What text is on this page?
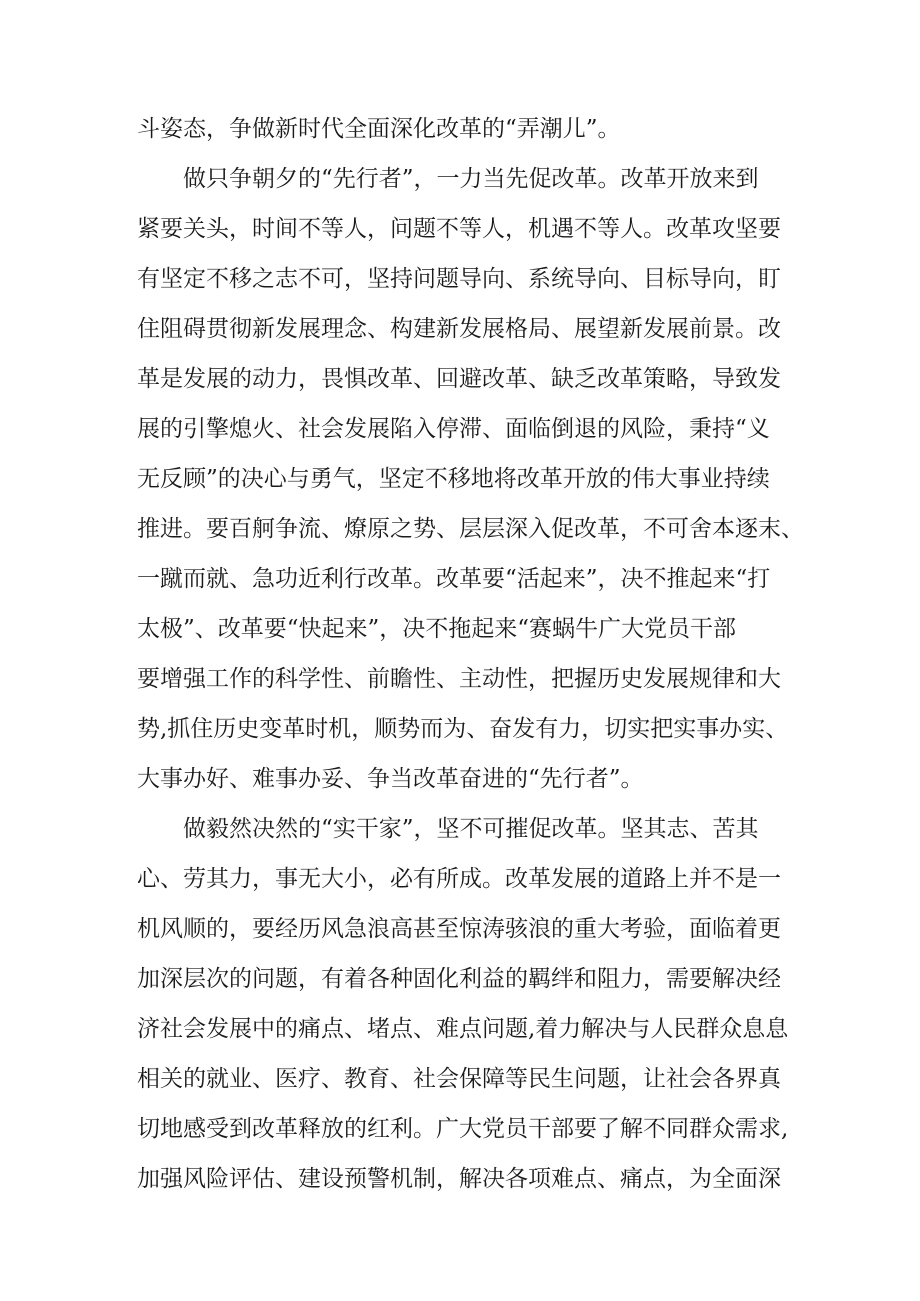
斗姿态，争做新时代全面深化改革的“弄潮儿”。
做只争朝夕的“先行者”，一力当先促改革。改革开放来到
紧要关头，时间不等人，问题不等人，机遇不等人。改革攻坚要
有坚定不移之志不可，坚持问题导向、系统导向、目标导向，盯
住阻碍贯彻新发展理念、构建新发展格局、展望新发展前景。改
革是发展的动力，畏惧改革、回避改革、缺乏改革策略，导致发
展的引擎熄火、社会发展陷入停滞、面临倒退的风险，秉持“义
无反顾”的决心与勇气，坚定不移地将改革开放的伟大事业持续
推进。要百舸争流、燎原之势、层层深入促改革，不可舍本逐末、
一蹴而就、急功近利行改革。改革要“活起来”，决不推起来“打
太极”、改革要“快起来”，决不拖起来“赛蜗牛广大党员干部
要增强工作的科学性、前瞻性、主动性，把握历史发展规律和大
势,抓住历史变革时机，顺势而为、奋发有力，切实把实事办实、
大事办好、难事办妥、争当改革奋进的“先行者”。
做毅然决然的“实干家”，坚不可摧促改革。坚其志、苦其
心、劳其力，事无大小，必有所成。改革发展的道路上并不是一
机风顺的，要经历风急浪高甚至惊涛骇浪的重大考验，面临着更
加深层次的问题，有着各种固化利益的羁绊和阻力，需要解决经
济社会发展中的痛点、堵点、难点问题,着力解决与人民群众息息
相关的就业、医疗、教育、社会保障等民生问题，让社会各界真
切地感受到改革释放的红利。广大党员干部要了解不同群众需求,
加强风险评估、建设预警机制，解决各项难点、痛点，为全面深
